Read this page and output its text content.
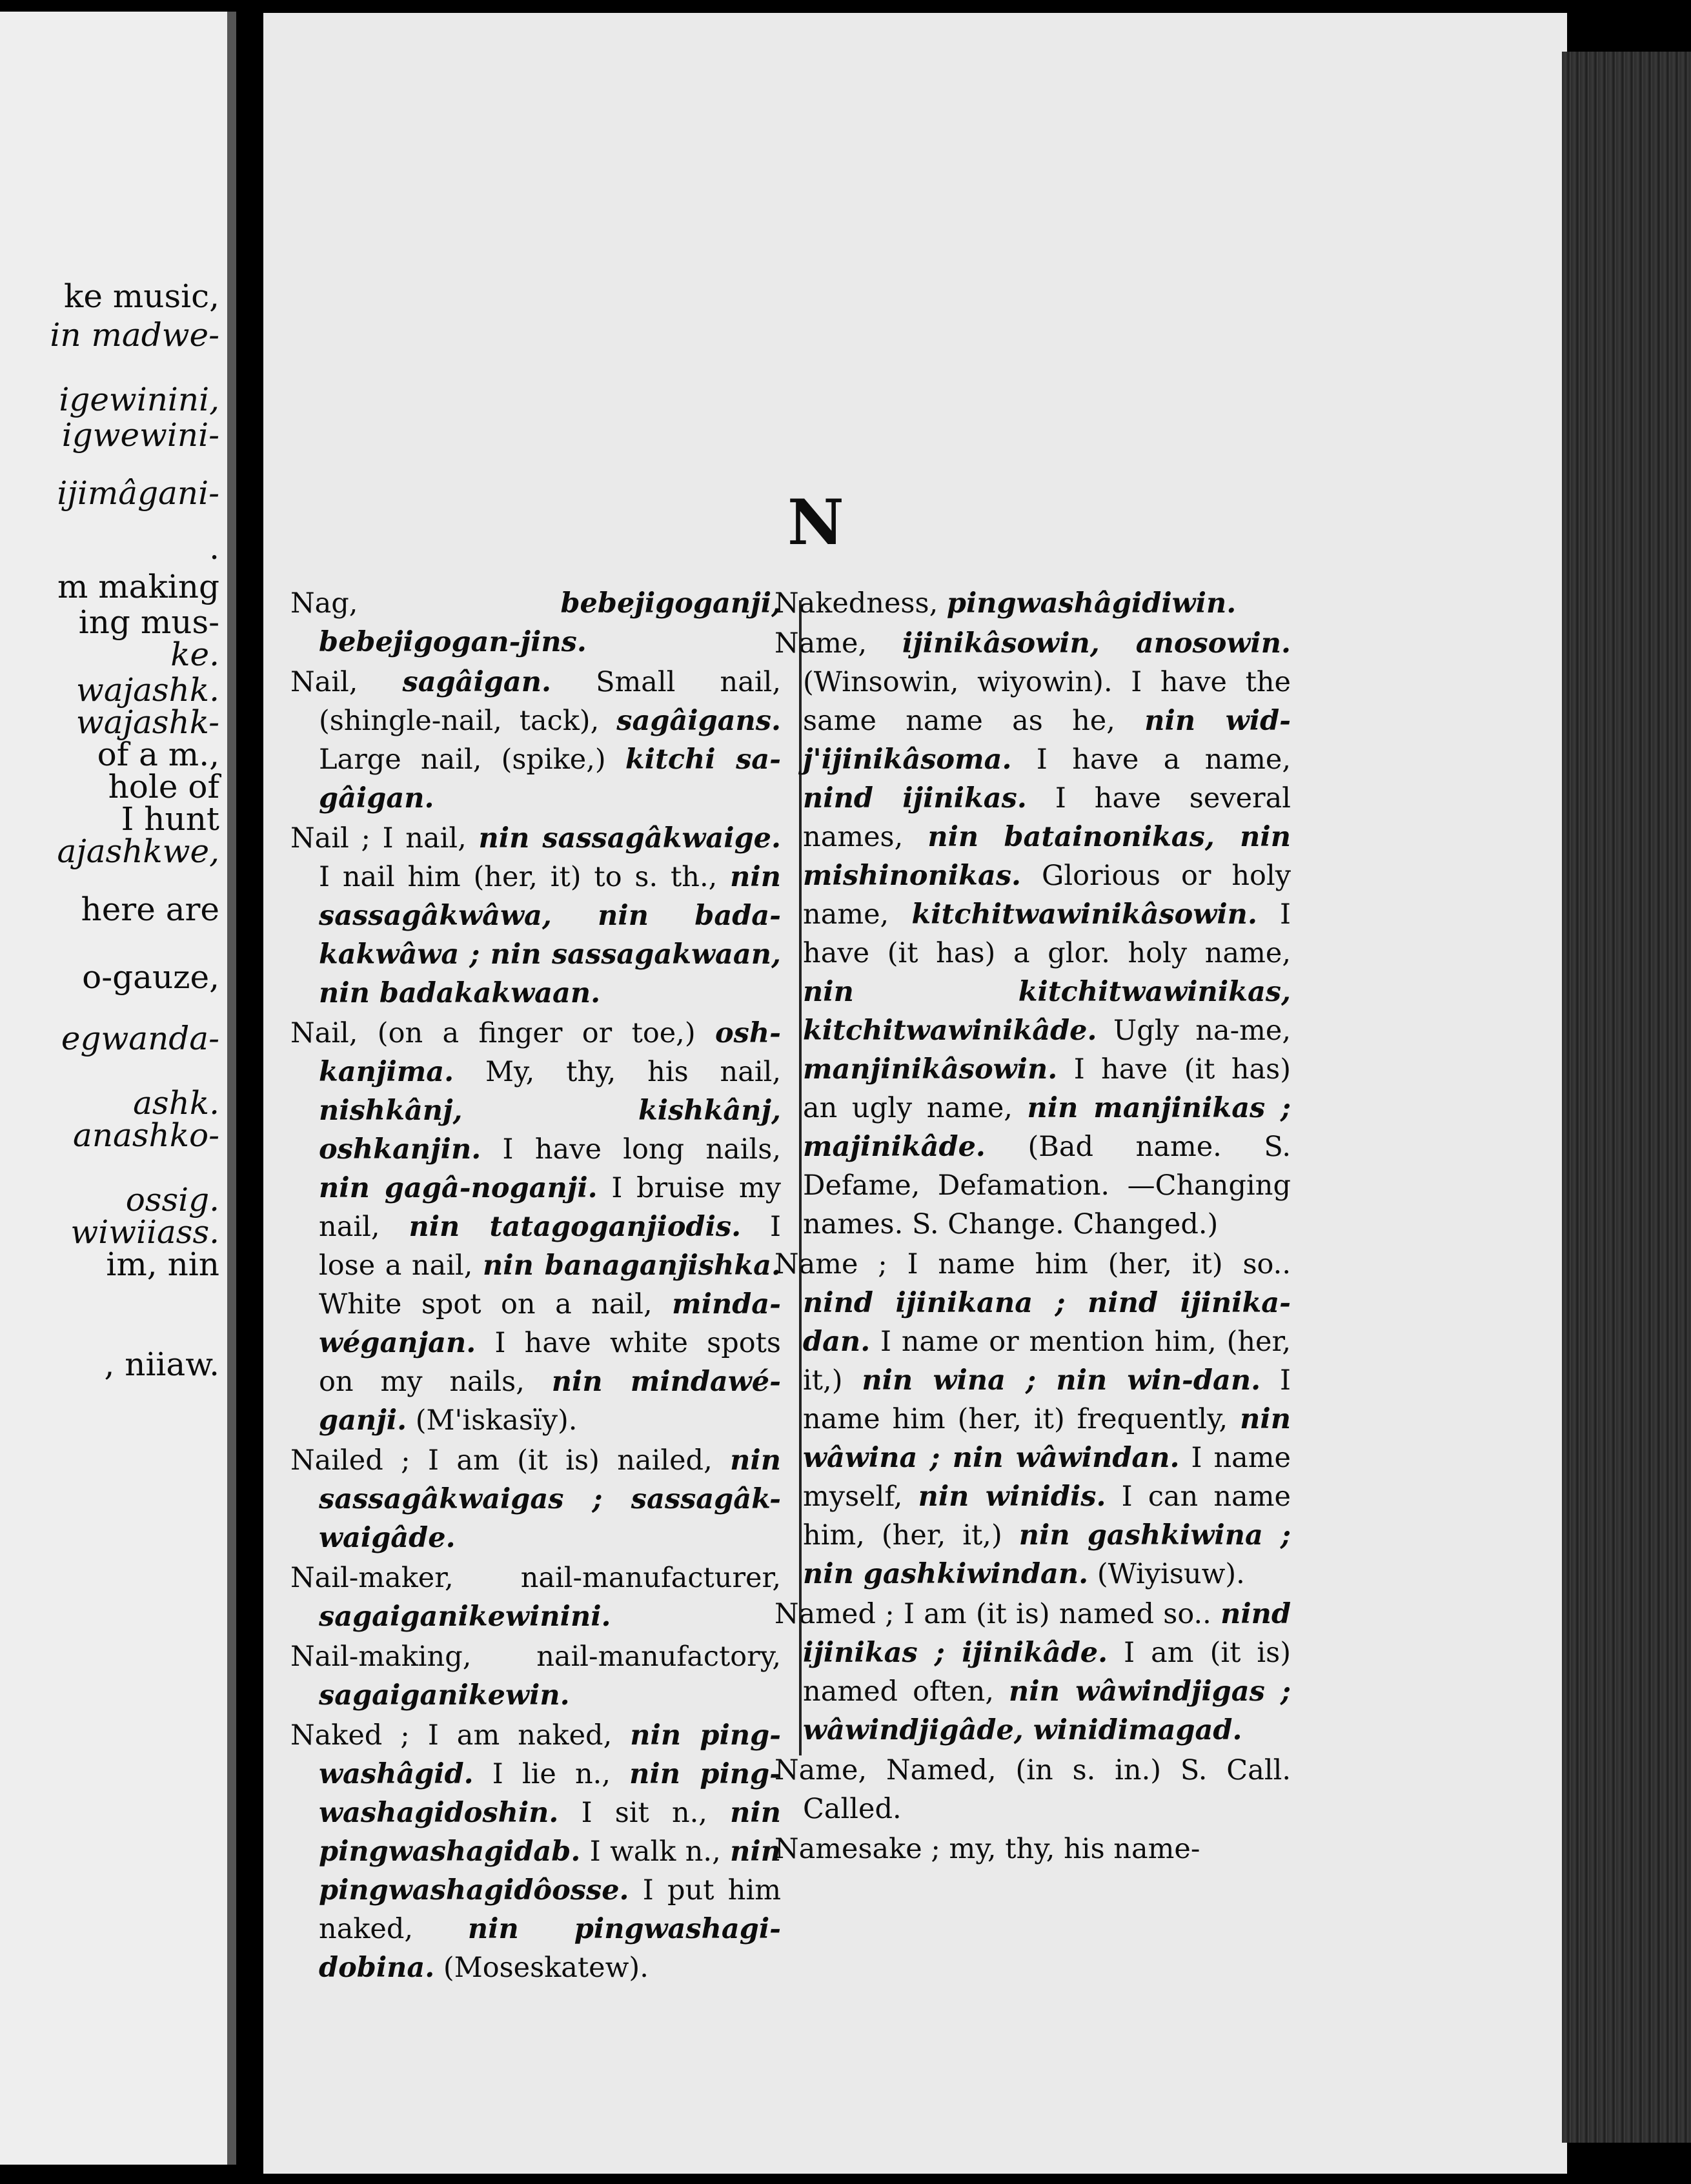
ke music,
in madwe-
igewinini,
igwewini-
ijimâgani-
.
m making
ing mus-
ke.
wajashk.
wajashk-
of a m.,
hole of
I hunt
ajashkwe,
here are
o-gauze,
egwanda-
ashk.
anashko-
ossig.
wiwiiass.
im, nin
, niiaw.
N
Nag,	bebejigoganji, bebejigogan-jins.
Nail, sagâigan. Small nail, (shingle-nail, tack), sagâigans. Large nail, (spike,) kitchi sa-gâigan.
Nail ; I nail, nin sassagâkwaige. I nail him (her, it) to s. th., nin sassagâkwâwa, nin bada-kakwâwa ; nin sassagakwaan, nin badakakwaan.
Nail, (on a finger or toe,) osh-kanjima. My, thy, his nail, nishkânj, kishkânj, oshkanjin. I have long nails, nin gagâ-noganji. I bruise my nail, nin tatagoganjiodis. I lose a nail, nin banaganjishka. White spot on a nail, minda-wéganjan. I have white spots on my nails, nin mindawé-ganji. (M'iskasïy).
Nailed ; I am (it is) nailed, nin sassagâkwaigas ; sassagâk-waigâde.
Nail-maker, nail-manufacturer, sagaiganikewinini.
Nail-making, nail-manufactory, sagaiganikewin.
Naked ; I am naked, nin ping-washâgid. I lie n., nin ping-washagidoshin. I sit n., nin pingwashagidab. I walk n., nin pingwashagidôosse. I put him naked, nin pingwashagi-dobina. (Moseskatew).
Nakedness, pingwashâgidiwin.
Name, ijinikâsowin, anosowin. (Winsowin, wiyowin). I have the same name as he, nin wid-j'ijinikâsoma. I have a name, nind ijinikas. I have several names, nin batainonikas, nin mishinonikas. Glorious or holy name, kitchitwawinikâsowin. I have (it has) a glor. holy name, nin kitchitwawinikas, kitchitwawinikâde. Ugly na-me, manjinikâsowin. I have (it has) an ugly name, nin manjinikas ; majinikâde. (Bad name. S. Defame, Defamation. —Changing names. S. Change. Changed.)
Name ; I name him (her, it) so.. nind ijinikana ; nind ijinika-dan. I name or mention him, (her, it,) nin wina ; nin win-dan. I name him (her, it) frequently, nin wâwina ; nin wâwindan. I name myself, nin winidis. I can name him, (her, it,) nin gashkiwina ; nin gashkiwindan. (Wiyisuw).
Named ; I am (it is) named so.. nind ijinikas ; ijinikâde. I am (it is) named often, nin wâwindjigas ; wâwindjigâde, winidimagad.
Name, Named, (in s. in.) S. Call. Called.
Namesake ; my, thy, his name-
